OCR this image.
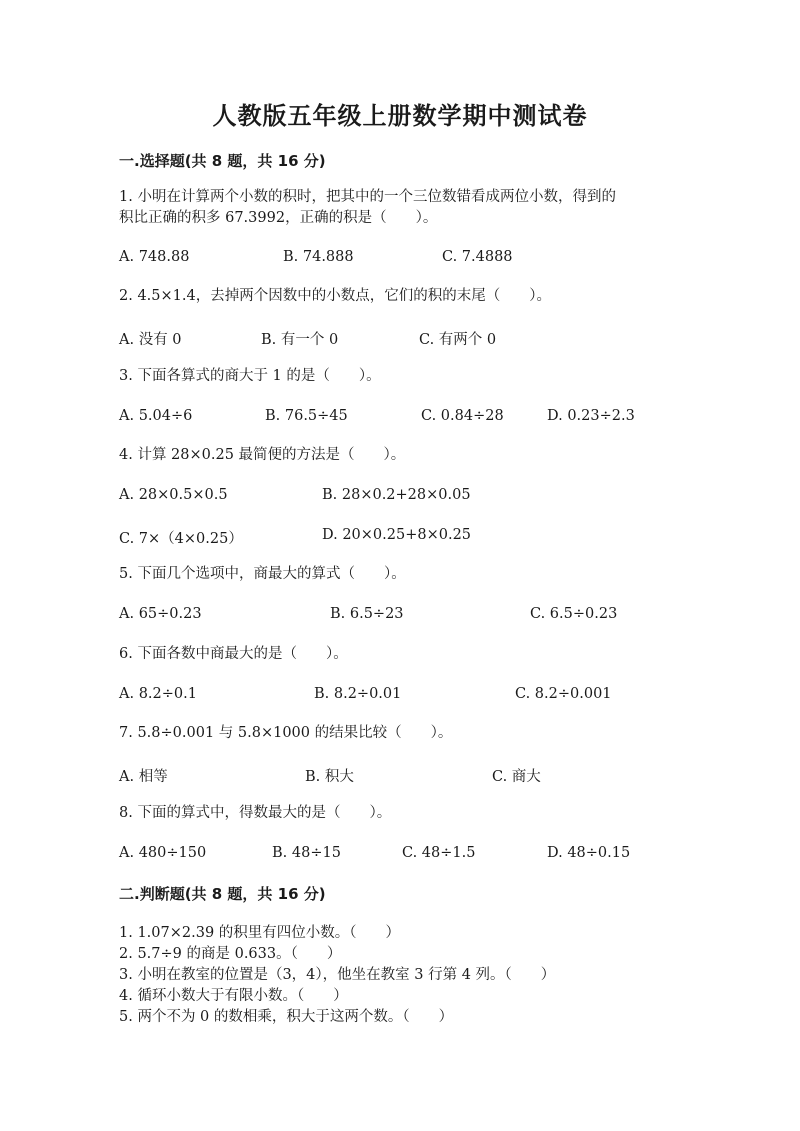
人教版五年级上册数学期中测试卷
一.选择题(共 8 题，共 16 分)
1. 小明在计算两个小数的积时，把其中的一个三位数错看成两位小数，得到的
积比正确的积多 67.3992，正确的积是（　　）。
A. 748.88	B. 74.888	C. 7.4888
2. 4.5×1.4，去掉两个因数中的小数点，它们的积的末尾（　　）。
A. 没有 0	B. 有一个 0	C. 有两个 0
3. 下面各算式的商大于 1 的是（　　）。
A. 5.04÷6	B. 76.5÷45	C. 0.84÷28	D. 0.23÷2.3
4. 计算 28×0.25 最简便的方法是（　　）。
A. 28×0.5×0.5	B. 28×0.2+28×0.05
C. 7×（4×0.25）	D. 20×0.25+8×0.25
5. 下面几个选项中，商最大的算式（　　）。
A. 65÷0.23	B. 6.5÷23	C. 6.5÷0.23
6. 下面各数中商最大的是（　　）。
A. 8.2÷0.1	B. 8.2÷0.01	C. 8.2÷0.001
7. 5.8÷0.001 与 5.8×1000 的结果比较（　　）。
A. 相等	B. 积大	C. 商大
8. 下面的算式中，得数最大的是（　　）。
A. 480÷150	B. 48÷15	C. 48÷1.5	D. 48÷0.15
二.判断题(共 8 题，共 16 分)
1. 1.07×2.39 的积里有四位小数。（　　）
2. 5.7÷9 的商是 0.633。（　　）
3. 小明在教室的位置是（3，4），他坐在教室 3 行第 4 列。（　　）
4. 循环小数大于有限小数。（　　）
5. 两个不为 0 的数相乘，积大于这两个数。（　　）
